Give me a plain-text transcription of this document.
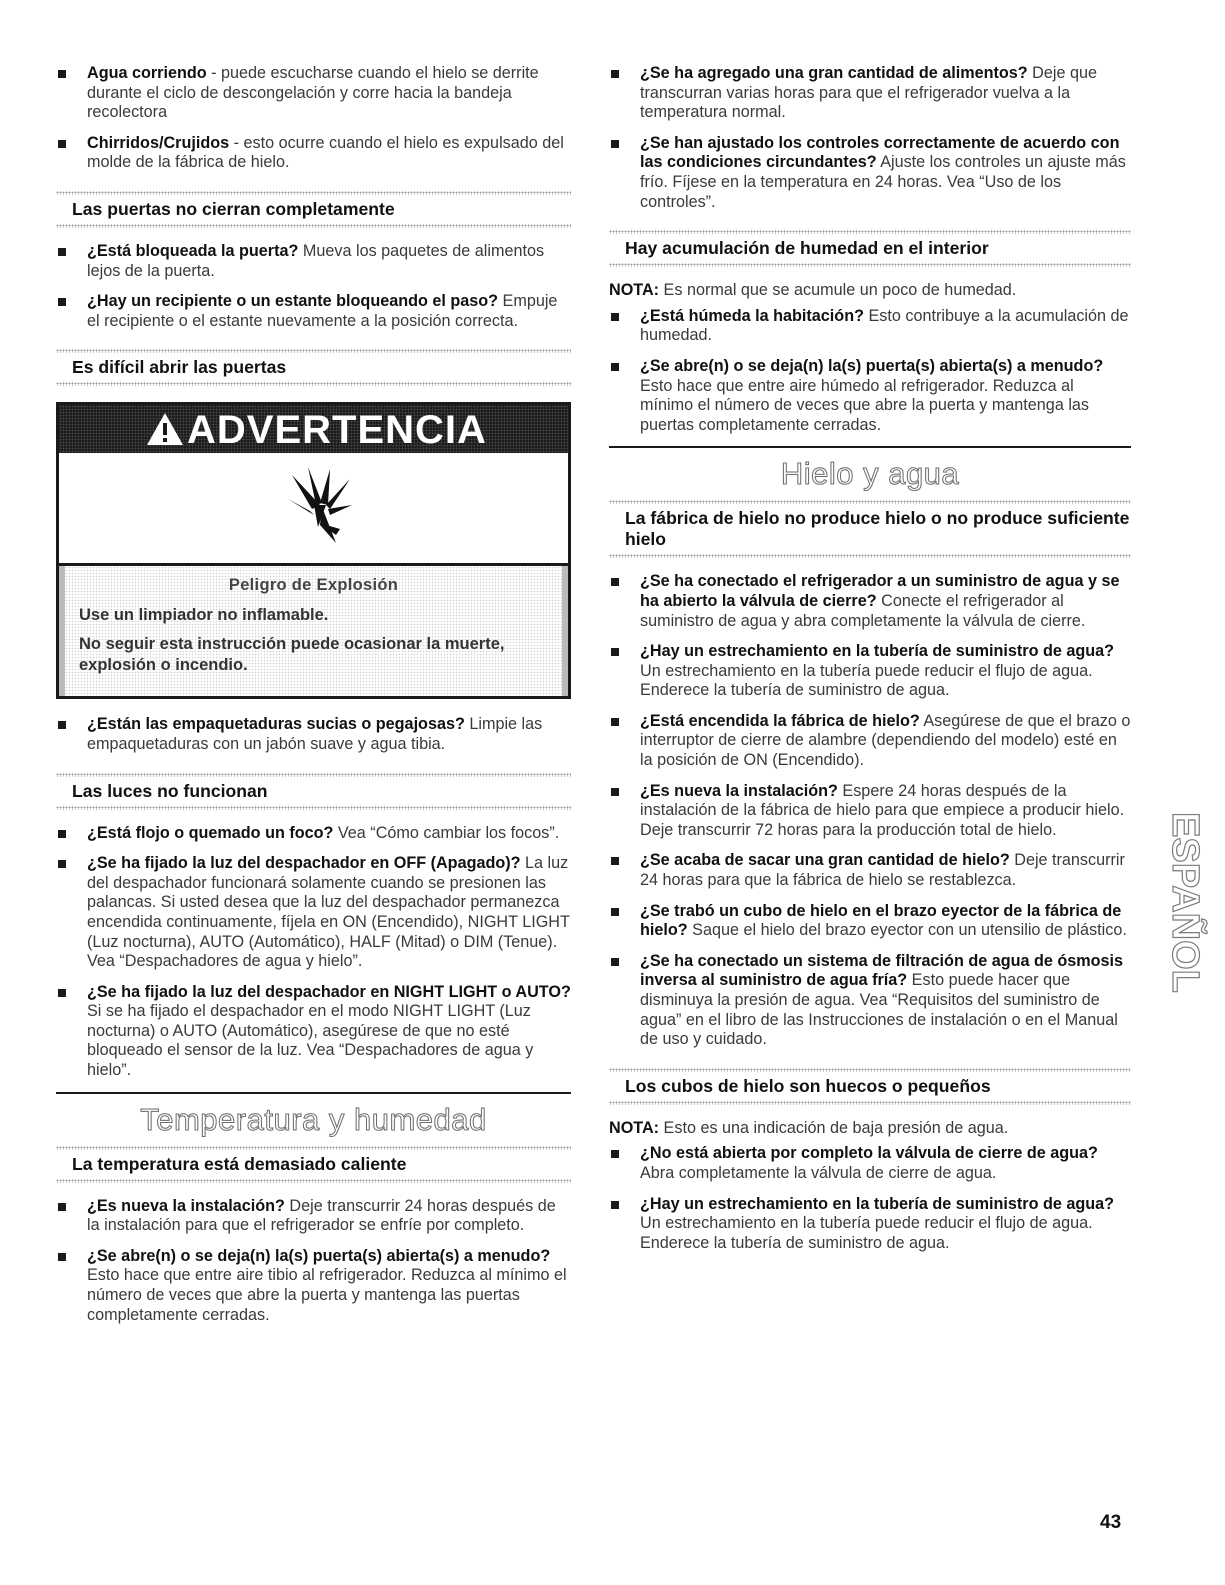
Agua corriendo - puede escucharse cuando el hielo se derrite durante el ciclo de descongelación y corre hacia la bandeja recolectora
Chirridos/Crujidos - esto ocurre cuando el hielo es expulsado del molde de la fábrica de hielo.
Las puertas no cierran completamente
¿Está bloqueada la puerta? Mueva los paquetes de alimentos lejos de la puerta.
¿Hay un recipiente o un estante bloqueando el paso? Empuje el recipiente o el estante nuevamente a la posición correcta.
Es difícil abrir las puertas
ADVERTENCIA
Peligro de Explosión

Use un limpiador no inflamable.

No seguir esta instrucción puede ocasionar la muerte, explosión o incendio.

¿Están las empaquetaduras sucias o pegajosas? Limpie las empaquetaduras con un jabón suave y agua tibia.
Las luces no funcionan
¿Está flojo o quemado un foco? Vea “Cómo cambiar los focos”.
¿Se ha fijado la luz del despachador en OFF (Apagado)? La luz del despachador funcionará solamente cuando se presionen las palancas. Si usted desea que la luz del despachador permanezca encendida continuamente, fíjela en ON (Encendido), NIGHT LIGHT (Luz nocturna), AUTO (Automático), HALF (Mitad) o DIM (Tenue). Vea “Despachadores de agua y hielo”.
¿Se ha fijado la luz del despachador en NIGHT LIGHT o AUTO? Si se ha fijado el despachador en el modo NIGHT LIGHT (Luz nocturna) o AUTO (Automático), asegúrese de que no esté bloqueado el sensor de la luz. Vea “Despachadores de agua y hielo”.
Temperatura y humedad
La temperatura está demasiado caliente
¿Es nueva la instalación? Deje transcurrir 24 horas después de la instalación para que el refrigerador se enfríe por completo.
¿Se abre(n) o se deja(n) la(s) puerta(s) abierta(s) a menudo? Esto hace que entre aire tibio al refrigerador. Reduzca al mínimo el número de veces que abre la puerta y mantenga las puertas completamente cerradas.
¿Se ha agregado una gran cantidad de alimentos? Deje que transcurran varias horas para que el refrigerador vuelva a la temperatura normal.
¿Se han ajustado los controles correctamente de acuerdo con las condiciones circundantes? Ajuste los controles un ajuste más frío. Fíjese en la temperatura en 24 horas. Vea “Uso de los controles”.
Hay acumulación de humedad en el interior
NOTA: Es normal que se acumule un poco de humedad.
¿Está húmeda la habitación? Esto contribuye a la acumulación de humedad.
¿Se abre(n) o se deja(n) la(s) puerta(s) abierta(s) a menudo? Esto hace que entre aire húmedo al refrigerador. Reduzca al mínimo el número de veces que abre la puerta y mantenga las puertas completamente cerradas.
Hielo y agua
La fábrica de hielo no produce hielo o no produce suficiente hielo
¿Se ha conectado el refrigerador a un suministro de agua y se ha abierto la válvula de cierre? Conecte el refrigerador al suministro de agua y abra completamente la válvula de cierre.
¿Hay un estrechamiento en la tubería de suministro de agua? Un estrechamiento en la tubería puede reducir el flujo de agua. Enderece la tubería de suministro de agua.
¿Está encendida la fábrica de hielo? Asegúrese de que el brazo o interruptor de cierre de alambre (dependiendo del modelo) esté en la posición de ON (Encendido).
¿Es nueva la instalación? Espere 24 horas después de la instalación de la fábrica de hielo para que empiece a producir hielo. Deje transcurrir 72 horas para la producción total de hielo.
¿Se acaba de sacar una gran cantidad de hielo? Deje transcurrir 24 horas para que la fábrica de hielo se restablezca.
¿Se trabó un cubo de hielo en el brazo eyector de la fábrica de hielo? Saque el hielo del brazo eyector con un utensilio de plástico.
¿Se ha conectado un sistema de filtración de agua de ósmosis inversa al suministro de agua fría? Esto puede hacer que disminuya la presión de agua. Vea “Requisitos del suministro de agua” en el libro de las Instrucciones de instalación o en el Manual de uso y cuidado.
Los cubos de hielo son huecos o pequeños
NOTA: Esto es una indicación de baja presión de agua.
¿No está abierta por completo la válvula de cierre de agua? Abra completamente la válvula de cierre de agua.
¿Hay un estrechamiento en la tubería de suministro de agua? Un estrechamiento en la tubería puede reducir el flujo de agua. Enderece la tubería de suministro de agua.
ESPAÑOL
43
